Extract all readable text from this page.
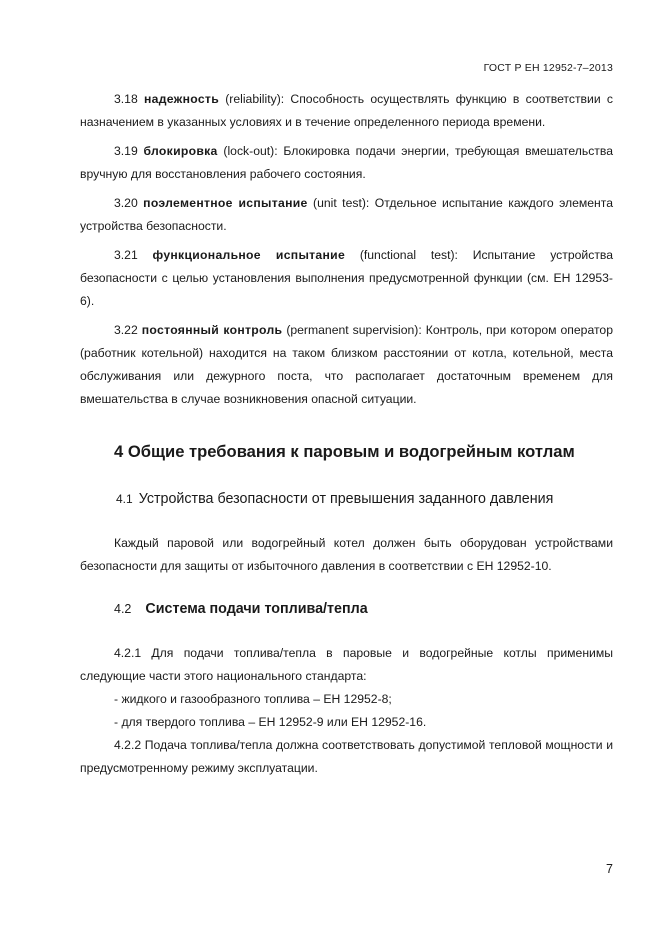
ГОСТ Р ЕН 12952-7–2013

3.18 надежность (reliability): Способность осуществлять функцию в соответствии с назначением в указанных условиях и в течение определенного периода времени.

3.19 блокировка (lock-out): Блокировка подачи энергии, требующая вмешательства вручную для восстановления рабочего состояния.

3.20 поэлементное испытание (unit test): Отдельное испытание каждого элемента устройства безопасности.

3.21 функциональное испытание (functional test): Испытание устройства безопасности с целью установления выполнения предусмотренной функции (см. ЕН 12953-6).

3.22 постоянный контроль (permanent supervision): Контроль, при котором оператор (работник котельной) находится на таком близком расстоянии от котла, котельной, места обслуживания или дежурного поста, что располагает достаточным временем для вмешательства в случае возникновения опасной ситуации.

4 Общие требования к паровым и водогрейным котлам
4.1 Устройства безопасности от превышения заданного давления

Каждый паровой или водогрейный котел должен быть оборудован устройствами безопасности для защиты от избыточного давления в соответствии с ЕН 12952-10.

4.2 Система подачи топлива/тепла

4.2.1 Для подачи топлива/тепла в паровые и водогрейные котлы применимы следующие части этого национального стандарта:

- жидкого и газообразного топлива – ЕН 12952-8;

- для твердого топлива – ЕН 12952-9 или ЕН 12952-16.

4.2.2 Подача топлива/тепла должна соответствовать допустимой тепловой мощности и предусмотренному режиму эксплуатации.

7
